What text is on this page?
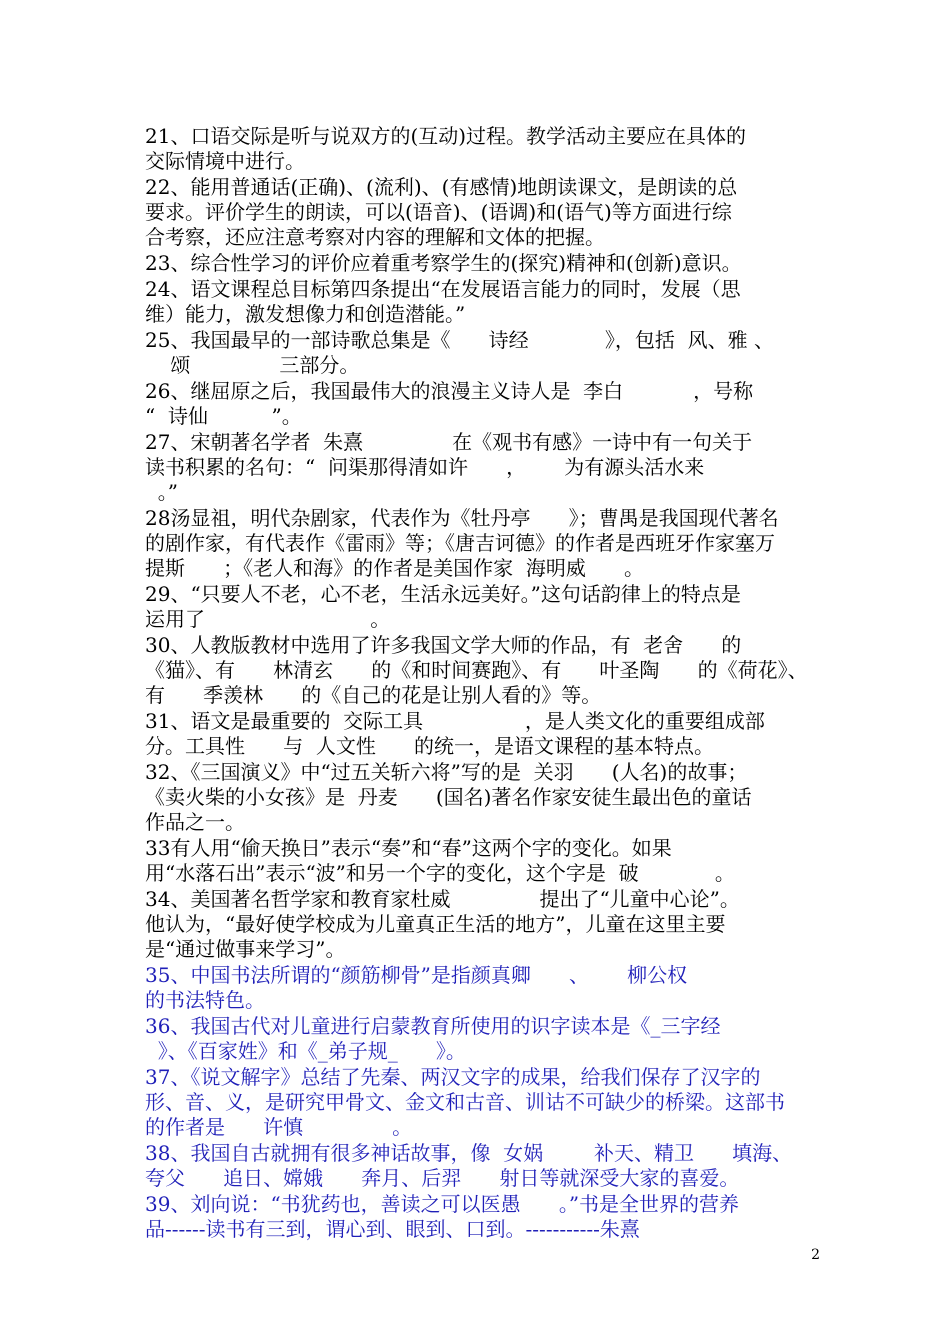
21、口语交际是听与说双方的(互动)过程。教学活动主要应在具体的
交际情境中进行。
22、能用普通话(正确)、(流利)、(有感情)地朗读课文，是朗读的总
要求。评价学生的朗读，可以(语音)、(语调)和(语气)等方面进行综
合考察，还应注意考察对内容的理解和文体的把握。
23、综合性学习的评价应着重考察学生的(探究)精神和(创新)意识。
24、语文课程总目标第四条提出“在发展语言能力的同时，发展（思
维）能力，激发想像力和创造潜能。”
25、我国最早的一部诗歌总集是《      诗经            》，包括  风、雅 、
颂              三部分。
26、继屈原之后，我国最伟大的浪漫主义诗人是  李白           ，号称
“  诗仙          ”。
27、宋朝著名学者  朱熹              在《观书有感》一诗中有一句关于
读书积累的名句：“  问渠那得清如许      ，      为有源头活水来
。”
28汤显祖，明代杂剧家，代表作为《牡丹亭      》；曹禺是我国现代著名
的剧作家，有代表作《雷雨》等；《唐吉诃德》的作者是西班牙作家塞万
提斯      ；《老人和海》的作者是美国作家  海明威      。
29、“只要人不老，心不老，生活永远美好。”这句话韵律上的特点是
运用了                          。
30、人教版教材中选用了许多我国文学大师的作品，有  老舍      的
《猫》、有      林清玄      的《和时间赛跑》、有      叶圣陶      的《荷花》、
有      季羡林      的《自己的花是让别人看的》等。
31、语文是最重要的  交际工具                ，是人类文化的重要组成部
分。工具性      与  人文性      的统一，是语文课程的基本特点。
32、《三国演义》中“过五关斩六将”写的是  关羽      (人名)的故事；
《卖火柴的小女孩》是  丹麦      (国名)著名作家安徒生最出色的童话
作品之一。
33有人用“偷天换日”表示“奏”和“春”这两个字的变化。如果
用“水落石出”表示“波”和另一个字的变化，这个字是  破            。
34、美国著名哲学家和教育家杜威              提出了“儿童中心论”。
他认为，“最好使学校成为儿童真正生活的地方”，儿童在这里主要
是“通过做事来学习”。
35、中国书法所谓的“颜筋柳骨”是指颜真卿      、      柳公权
的书法特色。
36、我国古代对儿童进行启蒙教育所使用的识字读本是《_三字经
》、《百家姓》和《_弟子规_      》。
37、《说文解字》总结了先秦、两汉文字的成果，给我们保存了汉字的
形、音、义，是研究甲骨文、金文和古音、训诂不可缺少的桥梁。这部书
的作者是      许慎              。
38、我国自古就拥有很多神话故事，像  女娲        补天、精卫      填海、
夸父      追日、嫦娥      奔月、后羿      射日等就深受大家的喜爱。
39、刘向说：“书犹药也，善读之可以医愚      。”书是全世界的营养
品------读书有三到，谓心到、眼到、口到。-----------朱熹
2
